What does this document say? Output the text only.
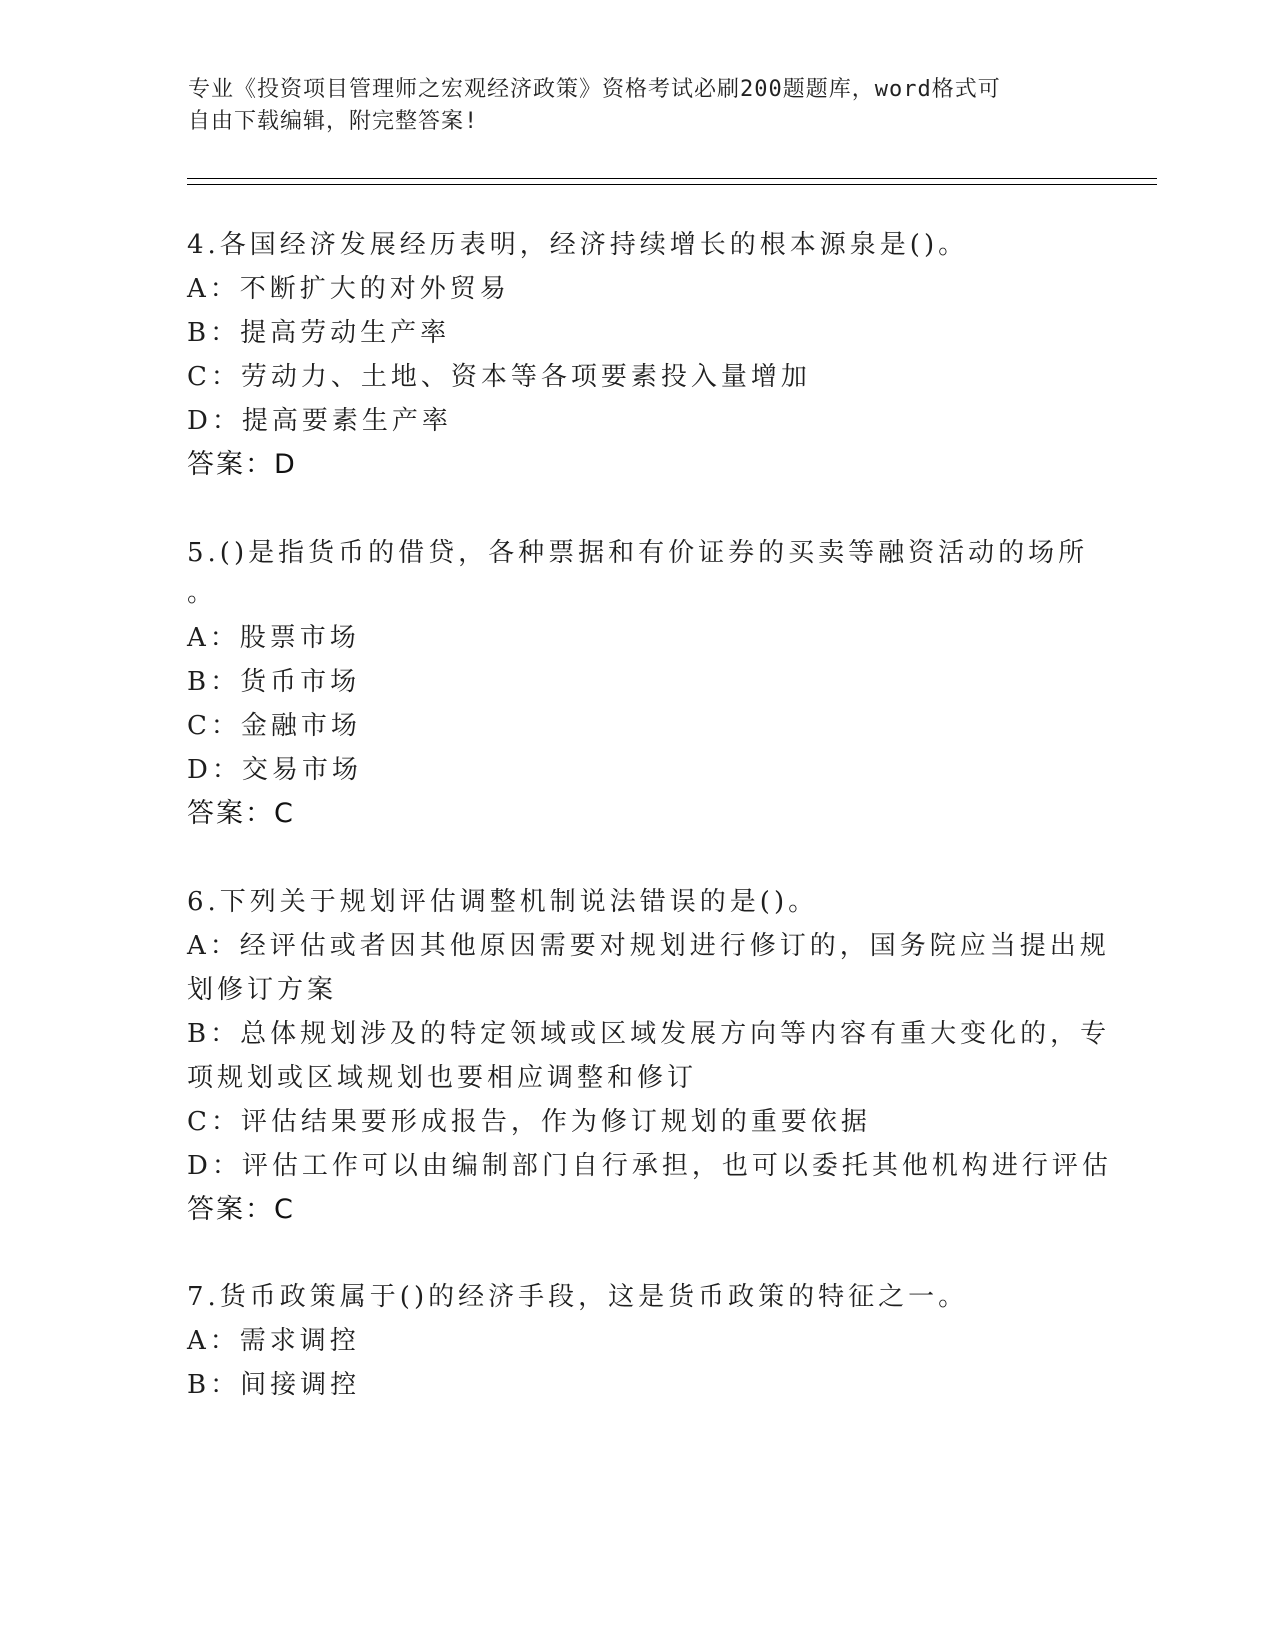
专业《投资项目管理师之宏观经济政策》资格考试必刷200题题库，word格式可
自由下载编辑，附完整答案!
4.各国经济发展经历表明，经济持续增长的根本源泉是()。
A：不断扩大的对外贸易
B：提高劳动生产率
C：劳动力、土地、资本等各项要素投入量增加
D：提高要素生产率
答案：D
5.()是指货币的借贷，各种票据和有价证券的买卖等融资活动的场所
。
A：股票市场
B：货币市场
C：金融市场
D：交易市场
答案：C
6.下列关于规划评估调整机制说法错误的是()。
A：经评估或者因其他原因需要对规划进行修订的，国务院应当提出规
划修订方案
B：总体规划涉及的特定领域或区域发展方向等内容有重大变化的，专
项规划或区域规划也要相应调整和修订
C：评估结果要形成报告，作为修订规划的重要依据
D：评估工作可以由编制部门自行承担，也可以委托其他机构进行评估
答案：C
7.货币政策属于()的经济手段，这是货币政策的特征之一。
A：需求调控
B：间接调控
